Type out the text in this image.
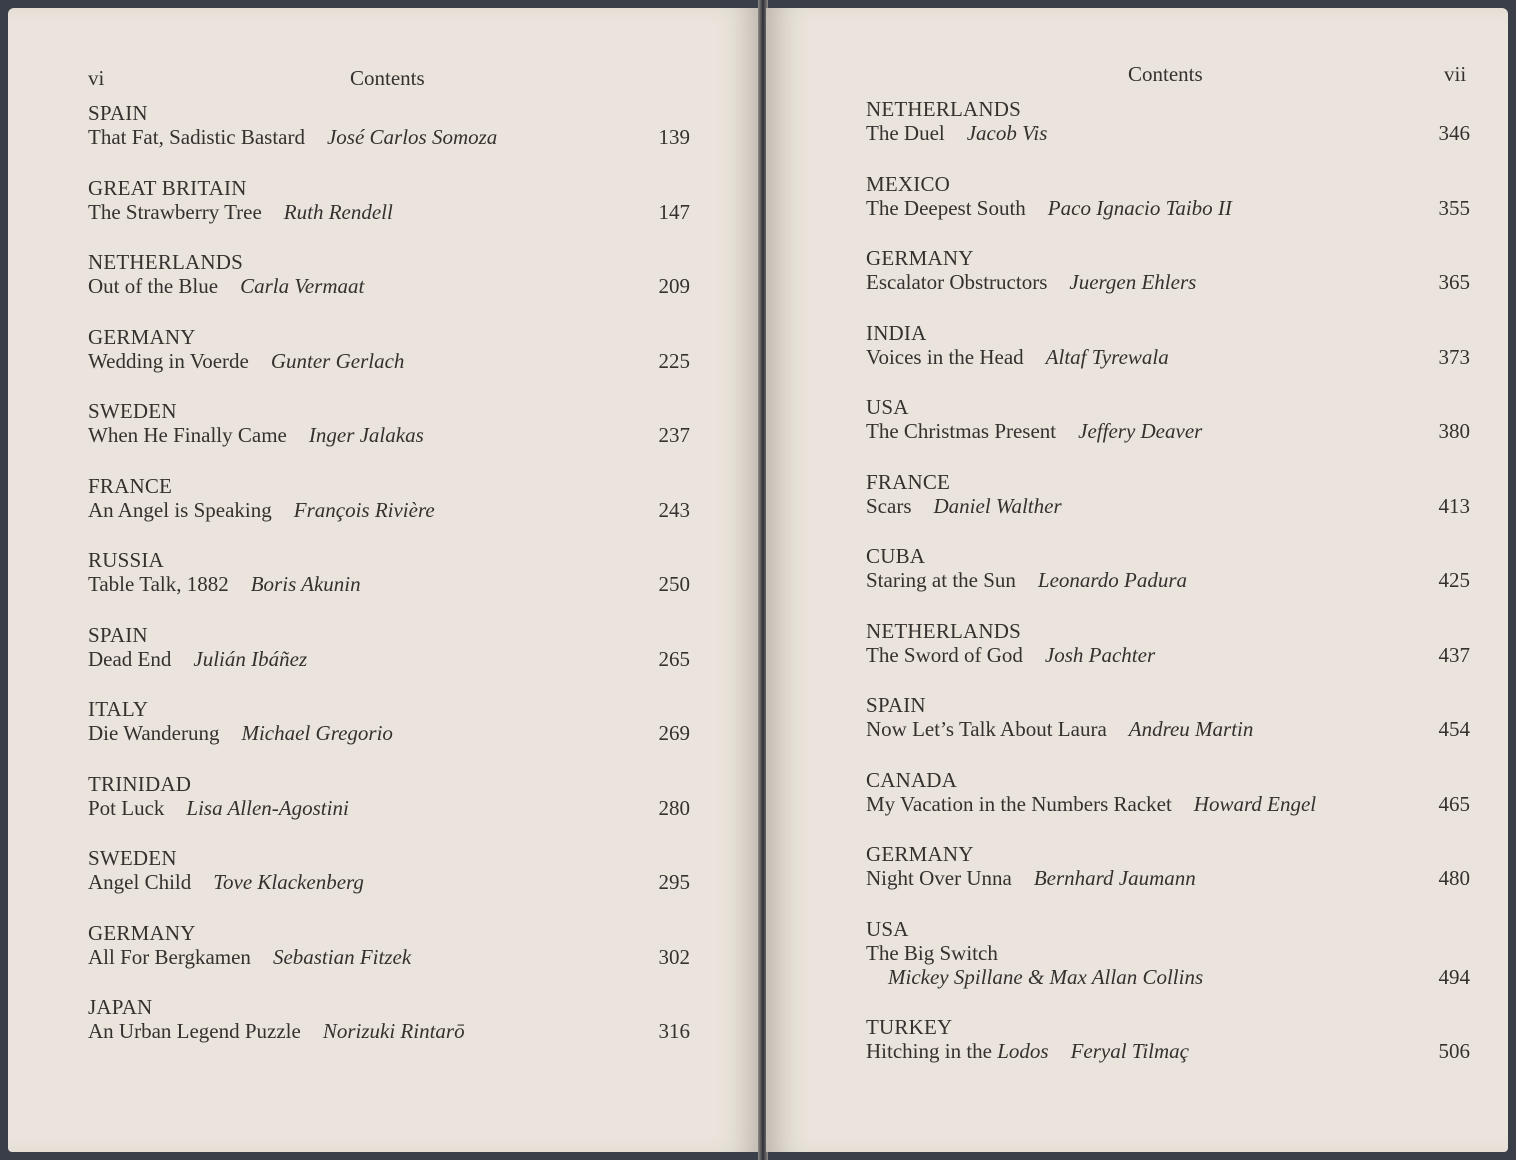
vi	Contents
SPAIN
That Fat, Sadistic Bastard José Carlos Somoza	139
GREAT BRITAIN
The Strawberry Tree Ruth Rendell	147
NETHERLANDS
Out of the Blue Carla Vermaat	209
GERMANY
Wedding in Voerde Gunter Gerlach	225
SWEDEN
When He Finally Came Inger Jalakas	237
FRANCE
An Angel is Speaking François Rivière	243
RUSSIA
Table Talk, 1882 Boris Akunin	250
SPAIN
Dead End Julián Ibáñez	265
ITALY
Die Wanderung Michael Gregorio	269
TRINIDAD
Pot Luck Lisa Allen-Agostini	280
SWEDEN
Angel Child Tove Klackenberg	295
GERMANY
All For Bergkamen Sebastian Fitzek	302
JAPAN
An Urban Legend Puzzle Norizuki Rintarō	316
Contents	vii
NETHERLANDS
The Duel Jacob Vis	346
MEXICO
The Deepest South Paco Ignacio Taibo II	355
GERMANY
Escalator Obstructors Juergen Ehlers	365
INDIA
Voices in the Head Altaf Tyrewala	373
USA
The Christmas Present Jeffery Deaver	380
FRANCE
Scars Daniel Walther	413
CUBA
Staring at the Sun Leonardo Padura	425
NETHERLANDS
The Sword of God Josh Pachter	437
SPAIN
Now Let’s Talk About Laura Andreu Martin	454
CANADA
My Vacation in the Numbers Racket Howard Engel	465
GERMANY
Night Over Unna Bernhard Jaumann	480
USA
The Big Switch
Mickey Spillane & Max Allan Collins	494
TURKEY
Hitching in the Lodos Feryal Tilmaç	506
